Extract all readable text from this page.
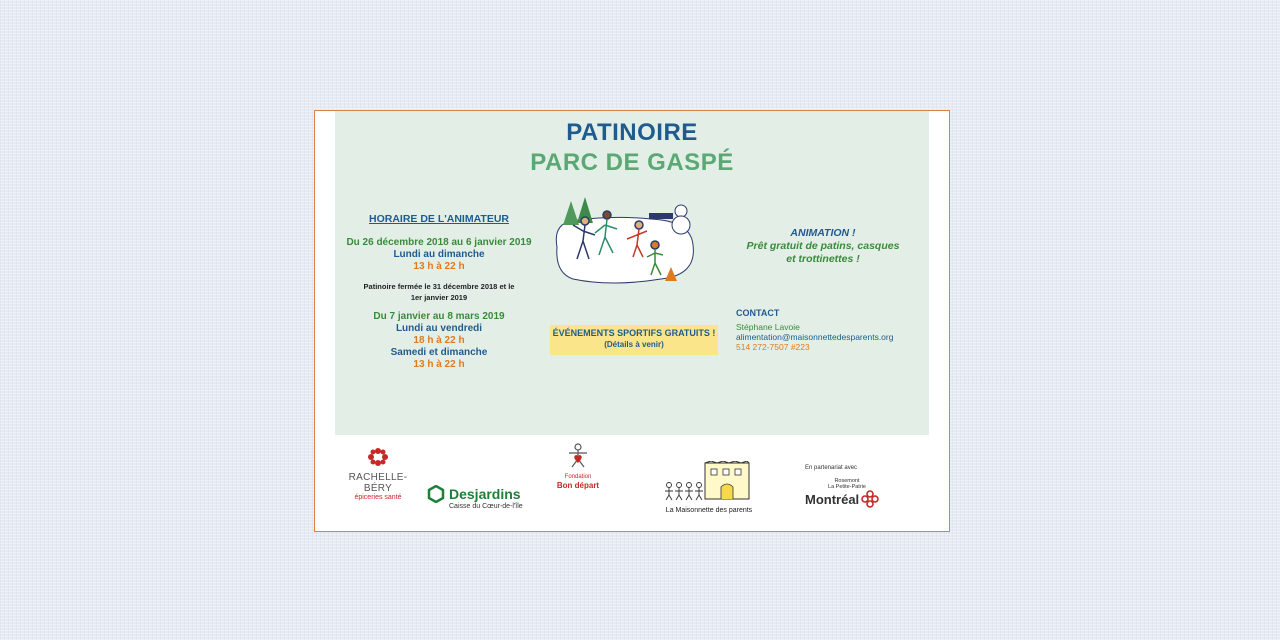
PATINOIRE
PARC DE GASPÉ
HORAIRE DE L'ANIMATEUR
Du 26 décembre 2018 au 6 janvier 2019
Lundi au dimanche
13 h à 22 h
Patinoire fermée le 31 décembre 2018 et le
1er janvier 2019
Du 7 janvier au 8 mars 2019
Lundi au vendredi
18 h à 22 h
Samedi et dimanche
13 h à 22 h
ÉVÉNEMENTS SPORTIFS GRATUITS !
(Détails à venir)
ANIMATION !
Prêt gratuit de patins, casques
et trottinettes !
CONTACT
Stéphane Lavoie
alimentation@maisonnettedesparents.org
514 272-7507 #223
RACHELLE-BÉRY
épiceries santé	Desjardins
Caisse du Cœur-de-l'île
Fondation
Bon départ
La Maisonnette des parents
En partenariat avec
Rosemont
La Petite-Patrie
Montréal
